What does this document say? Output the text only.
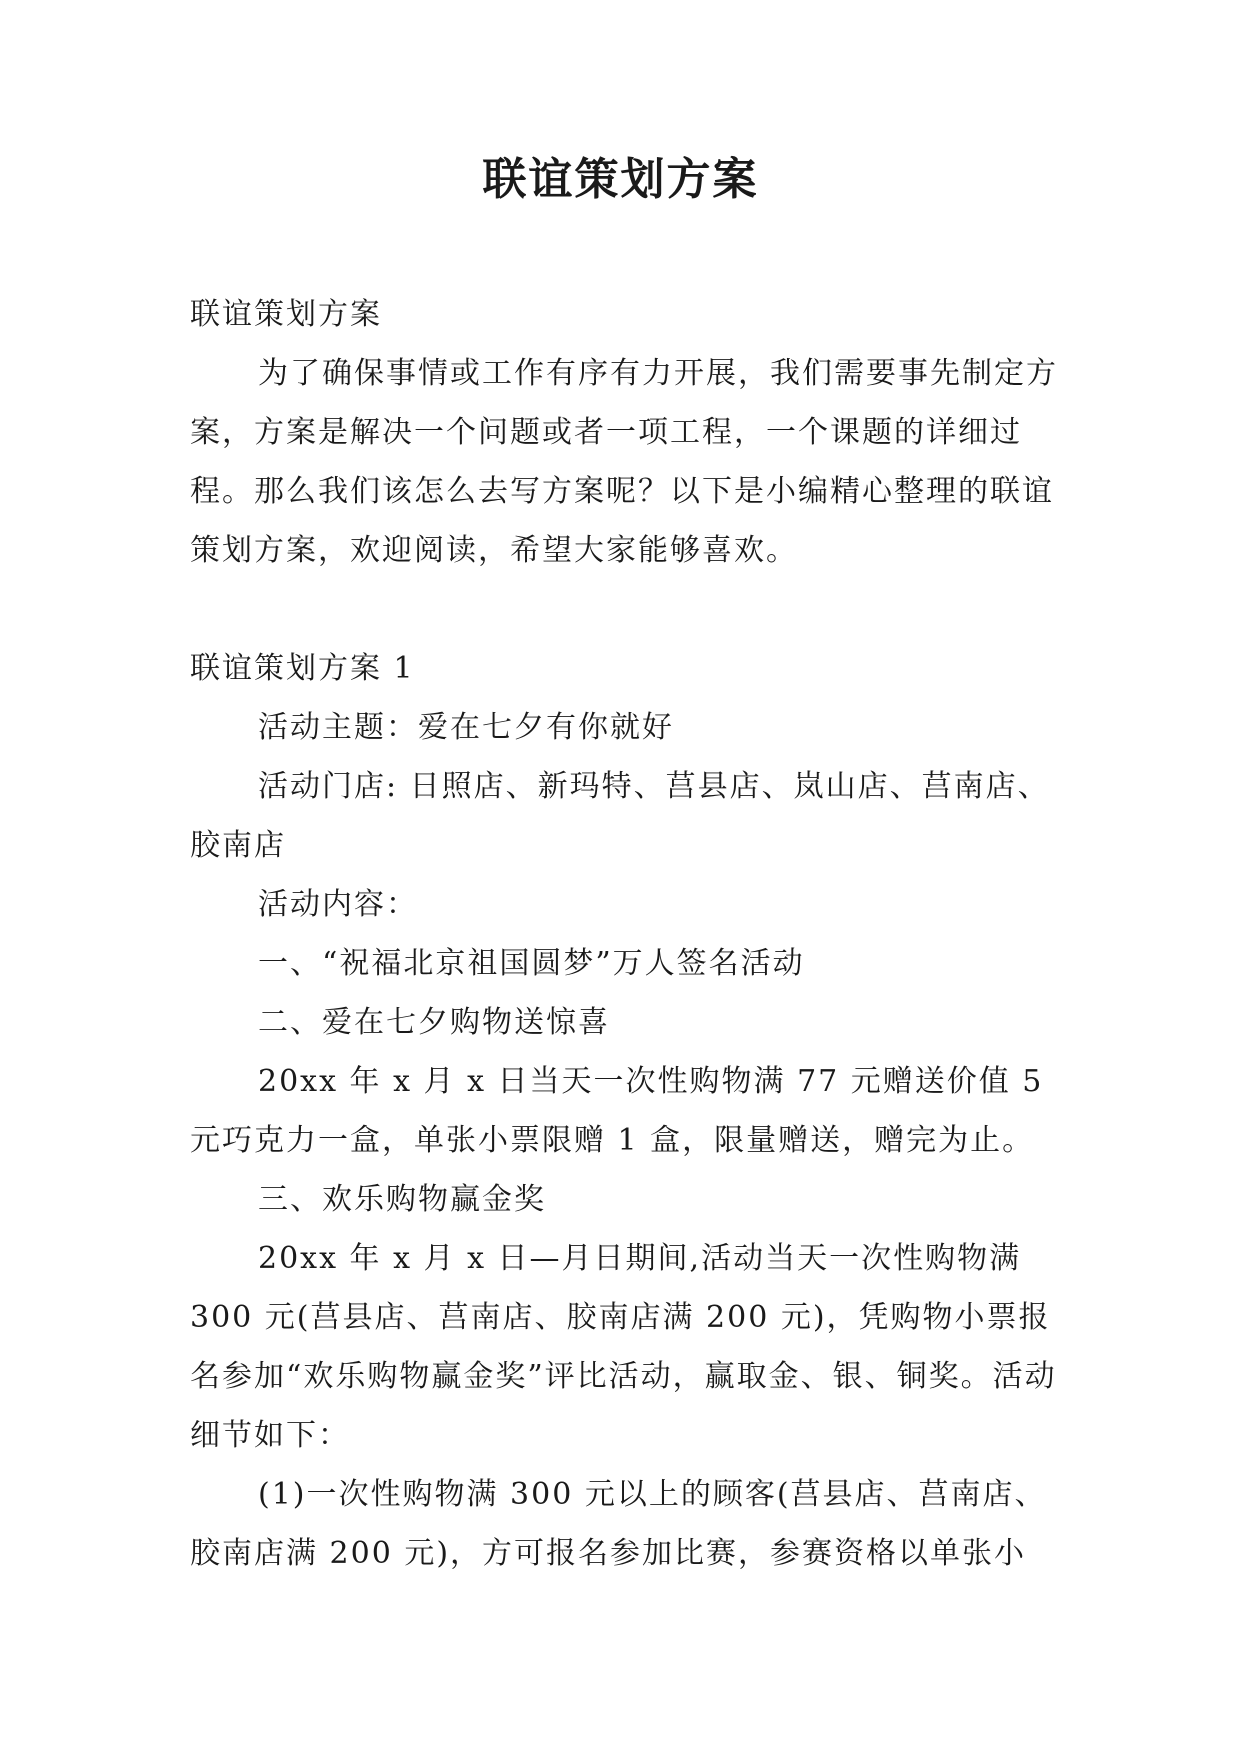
联谊策划方案

联谊策划方案

为了确保事情或工作有序有力开展，我们需要事先制定方案，方案是解决一个问题或者一项工程，一个课题的详细过程。那么我们该怎么去写方案呢？以下是小编精心整理的联谊策划方案，欢迎阅读，希望大家能够喜欢。

联谊策划方案 1

活动主题：爱在七夕有你就好

活动门店: 日照店、新玛特、莒县店、岚山店、莒南店、胶南店

活动内容：

一、“祝福北京祖国圆梦”万人签名活动

二、爱在七夕购物送惊喜

20xx 年 x 月 x 日当天一次性购物满 77 元赠送价值 5 元巧克力一盒，单张小票限赠 1 盒，限量赠送，赠完为止。

三、欢乐购物赢金奖

20xx 年 x 月 x 日—月日期间,活动当天一次性购物满 300 元(莒县店、莒南店、胶南店满 200 元)，凭购物小票报名参加“欢乐购物赢金奖”评比活动，赢取金、银、铜奖。活动细节如下：

(1)一次性购物满 300 元以上的顾客(莒县店、莒南店、胶南店满 200 元)，方可报名参加比赛，参赛资格以单张小
